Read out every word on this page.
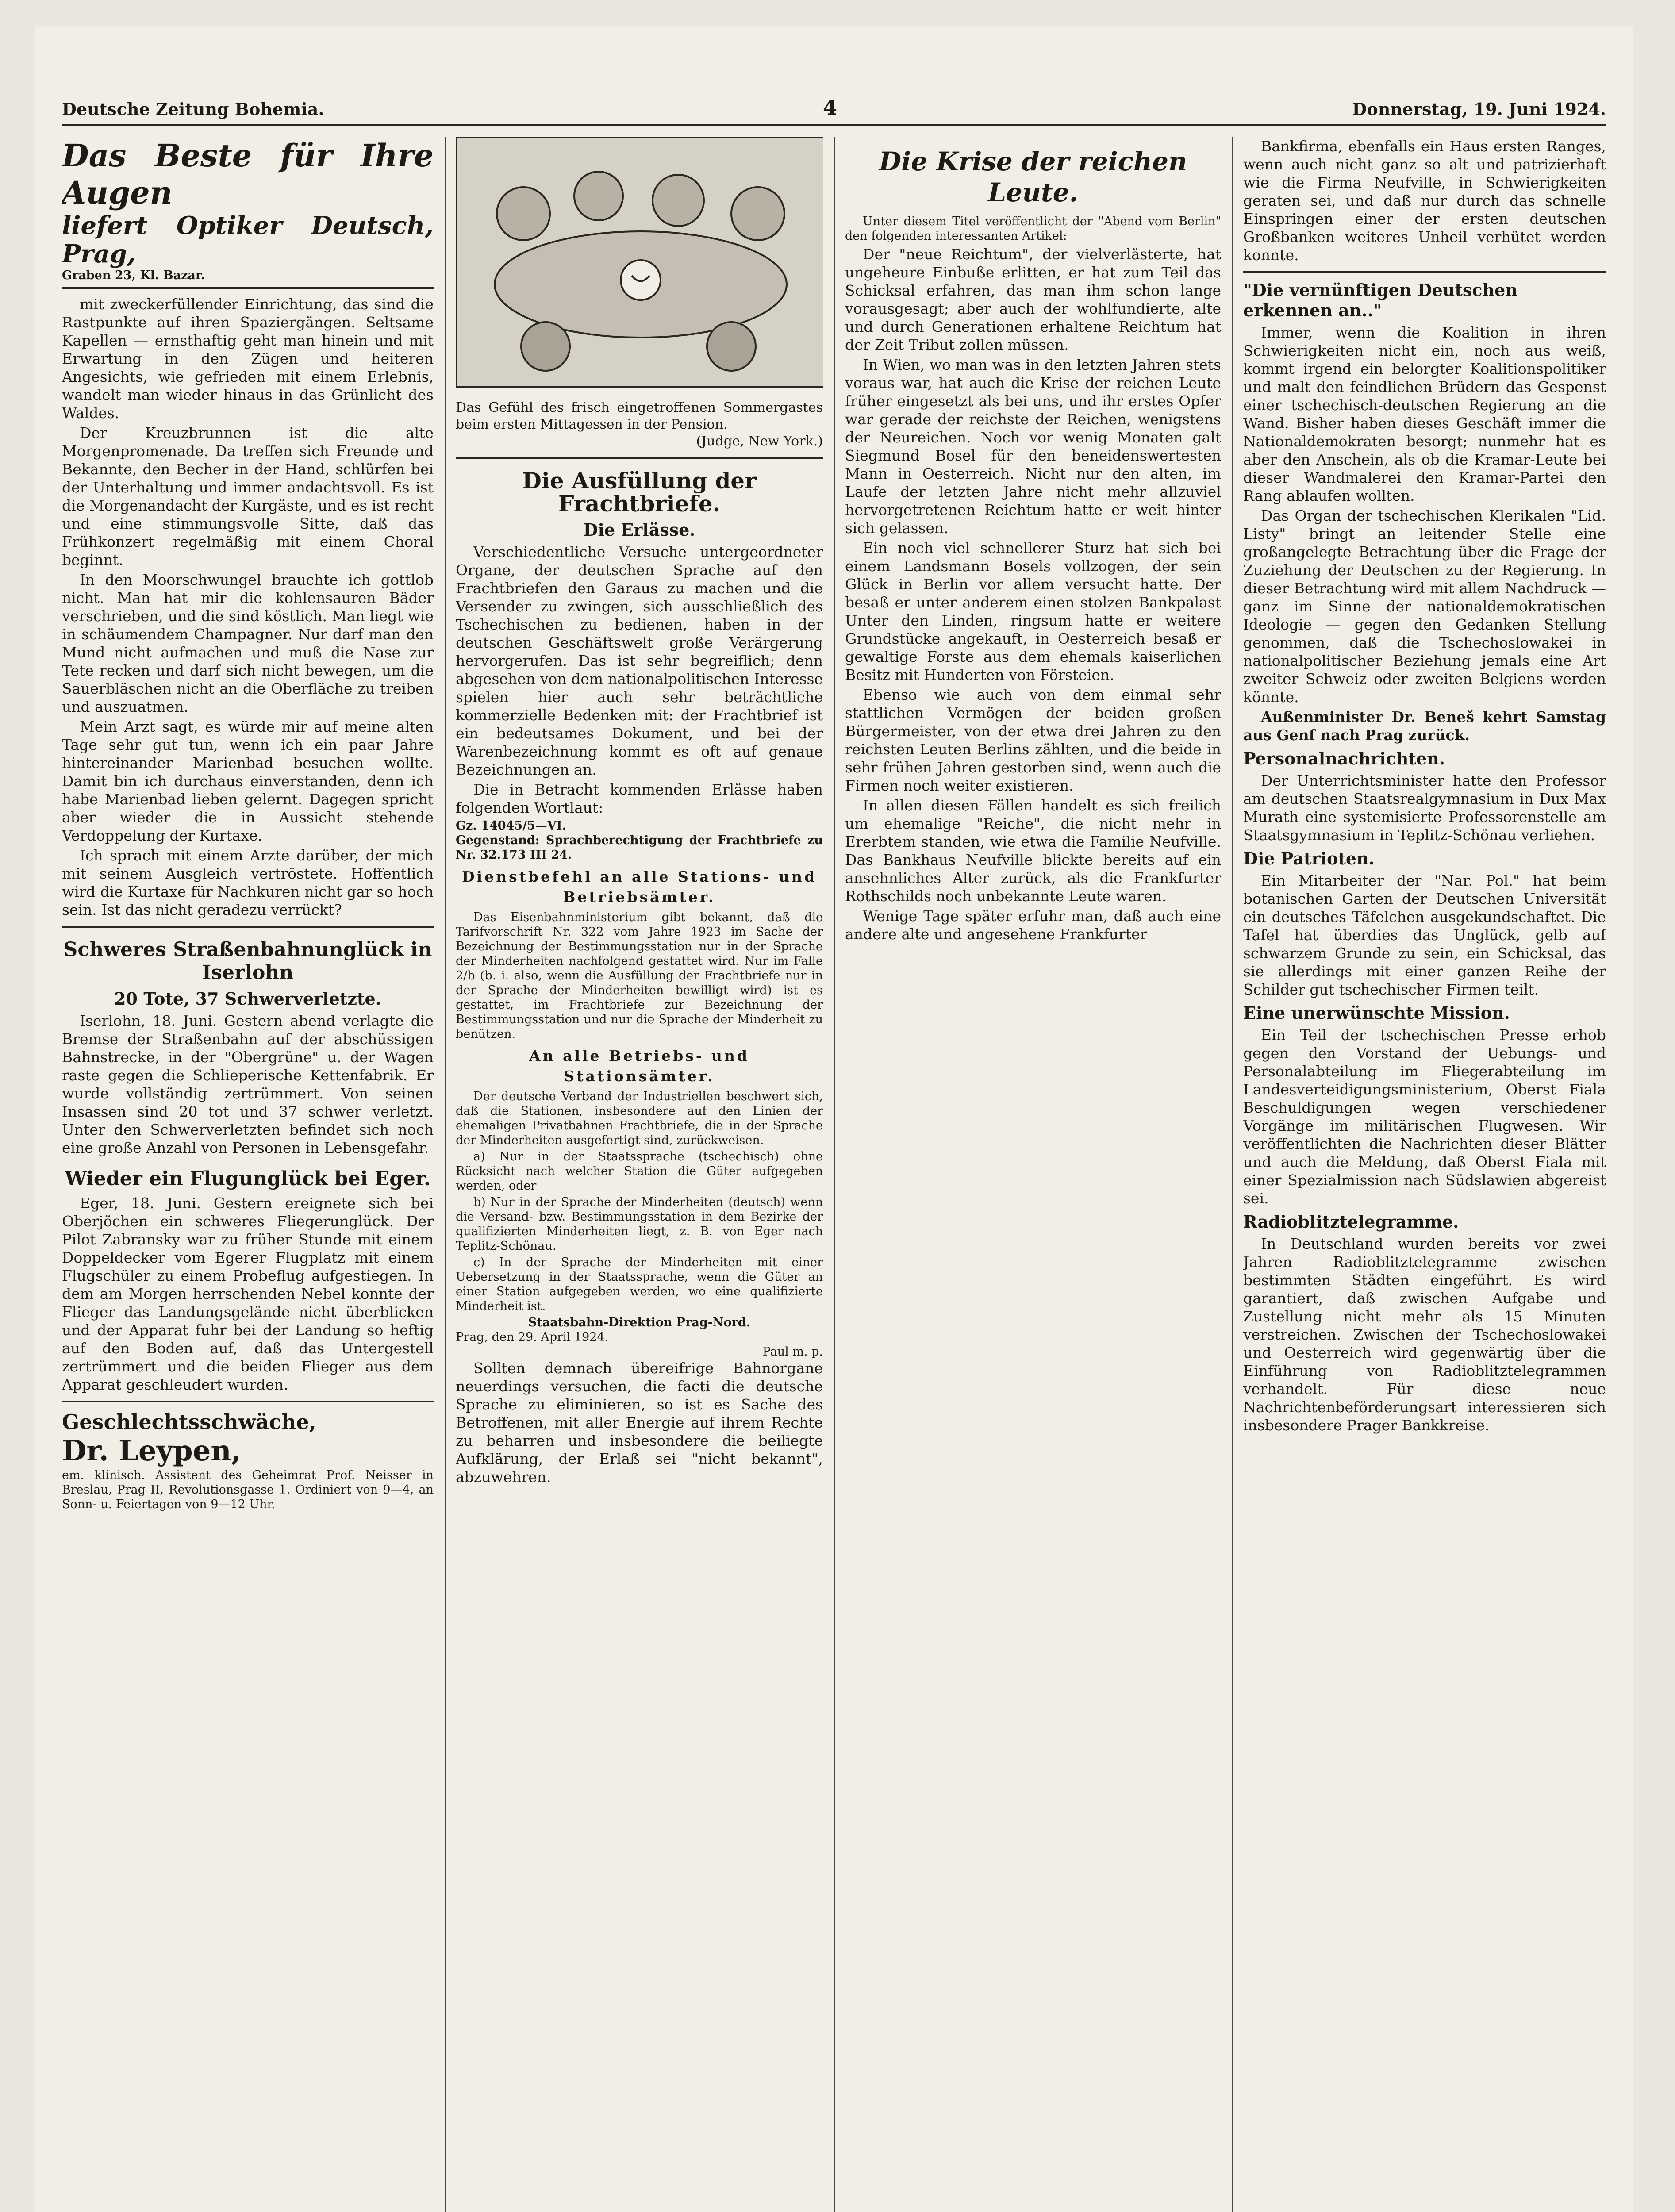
Deutsche Zeitung Bohemia.	4	Donnerstag, 19. Juni 1924.
Das Beste für Ihre Augen
liefert Optiker Deutsch, Prag,
Graben 23, Kl. Bazar.

mit zweckerfüllender Einrichtung, das sind die Rastpunkte auf ihren Spaziergängen. Seltsame Kapellen — ernsthaftig geht man hinein und mit Erwartung in den Zügen und heiteren Angesichts, wie gefrieden mit einem Erlebnis, wandelt man wieder hinaus in das Grünlicht des Waldes.

Der Kreuzbrunnen ist die alte Morgenpromenade. Da treffen sich Freunde und Bekannte, den Becher in der Hand, schlürfen bei der Unterhaltung und immer andachtsvoll. Es ist die Morgenandacht der Kurgäste, und es ist recht und eine stimmungsvolle Sitte, daß das Frühkonzert regelmäßig mit einem Choral beginnt.

In den Moorschwungel brauchte ich gottlob nicht. Man hat mir die kohlensauren Bäder verschrieben, und die sind köstlich. Man liegt wie in schäumendem Champagner. Nur darf man den Mund nicht aufmachen und muß die Nase zur Tete recken und darf sich nicht bewegen, um die Sauerbläschen nicht an die Oberfläche zu treiben und auszuatmen.

Mein Arzt sagt, es würde mir auf meine alten Tage sehr gut tun, wenn ich ein paar Jahre hintereinander Marienbad besuchen wollte. Damit bin ich durchaus einverstanden, denn ich habe Marienbad lieben gelernt. Dagegen spricht aber wieder die in Aussicht stehende Verdoppelung der Kurtaxe.

Ich sprach mit einem Arzte darüber, der mich mit seinem Ausgleich vertröstete. Hoffentlich wird die Kurtaxe für Nachkuren nicht gar so hoch sein. Ist das nicht geradezu verrückt?

Schweres Straßenbahnunglück in Iserlohn
20 Tote, 37 Schwerverletzte.

Iserlohn, 18. Juni. Gestern abend verlagte die Bremse der Straßenbahn auf der abschüssigen Bahnstrecke, in der "Obergrüne" u. der Wagen raste gegen die Schlieperische Kettenfabrik. Er wurde vollständig zertrümmert. Von seinen Insassen sind 20 tot und 37 schwer verletzt. Unter den Schwerverletzten befindet sich noch eine große Anzahl von Personen in Lebensgefahr.

Wieder ein Flugunglück bei Eger.

Eger, 18. Juni. Gestern ereignete sich bei Oberjöchen ein schweres Fliegerunglück. Der Pilot Zabransky war zu früher Stunde mit einem Doppeldecker vom Egerer Flugplatz mit einem Flugschüler zu einem Probeflug aufgestiegen. In dem am Morgen herrschenden Nebel konnte der Flieger das Landungsgelände nicht überblicken und der Apparat fuhr bei der Landung so heftig auf den Boden auf, daß das Untergestell zertrümmert und die beiden Flieger aus dem Apparat geschleudert wurden.

Geschlechtsschwäche,
Dr. Leypen,
em. klinisch. Assistent des Geheimrat Prof. Neisser in Breslau, Prag II, Revolutionsgasse 1. Ordiniert von 9—4, an Sonn- u. Feiertagen von 9—12 Uhr.
Das Gefühl des frisch eingetroffenen Sommergastes beim ersten Mittagessen in der Pension.
(Judge, New York.)
Die Ausfüllung der Frachtbriefe.
Die Erlässe.

Verschiedentliche Versuche untergeordneter Organe, der deutschen Sprache auf den Frachtbriefen den Garaus zu machen und die Versender zu zwingen, sich ausschließlich des Tschechischen zu bedienen, haben in der deutschen Geschäftswelt große Verärgerung hervorgerufen. Das ist sehr begreiflich; denn abgesehen von dem nationalpolitischen Interesse spielen hier auch sehr beträchtliche kommerzielle Bedenken mit: der Frachtbrief ist ein bedeutsames Dokument, und bei der Warenbezeichnung kommt es oft auf genaue Bezeichnungen an.

Die in Betracht kommenden Erlässe haben folgenden Wortlaut:

Gz. 14045/5—VI.
Gegenstand: Sprachberechtigung der Frachtbriefe zu Nr. 32.173 III 24.
Dienstbefehl an alle Stations- und Betriebsämter.

Das Eisenbahnministerium gibt bekannt, daß die Tarifvorschrift Nr. 322 vom Jahre 1923 im Sache der Bezeichnung der Bestimmungsstation nur in der Sprache der Minderheiten nachfolgend gestattet wird. Nur im Falle 2/b (b. i. also, wenn die Ausfüllung der Frachtbriefe nur in der Sprache der Minderheiten bewilligt wird) ist es gestattet, im Frachtbriefe zur Bezeichnung der Bestimmungsstation und nur die Sprache der Minderheit zu benützen.

An alle Betriebs- und Stationsämter.

Der deutsche Verband der Industriellen beschwert sich, daß die Stationen, insbesondere auf den Linien der ehemaligen Privatbahnen Frachtbriefe, die in der Sprache der Minderheiten ausgefertigt sind, zurückweisen.

a) Nur in der Staatssprache (tschechisch) ohne Rücksicht nach welcher Station die Güter aufgegeben werden, oder

b) Nur in der Sprache der Minderheiten (deutsch) wenn die Versand- bzw. Bestimmungsstation in dem Bezirke der qualifizierten Minderheiten liegt, z. B. von Eger nach Teplitz-Schönau.

c) In der Sprache der Minderheiten mit einer Uebersetzung in der Staatssprache, wenn die Güter an einer Station aufgegeben werden, wo eine qualifizierte Minderheit ist.

Staatsbahn-Direktion Prag-Nord.
Prag, den 29. April 1924.
Paul m. p.

Sollten demnach übereifrige Bahnorgane neuerdings versuchen, die facti die deutsche Sprache zu eliminieren, so ist es Sache des Betroffenen, mit aller Energie auf ihrem Rechte zu beharren und insbesondere die beiliegte Aufklärung, der Erlaß sei "nicht bekannt", abzuwehren.

Die Krise der reichen Leute.

Unter diesem Titel veröffentlicht der "Abend vom Berlin" den folgenden interessanten Artikel:

Der "neue Reichtum", der vielverlästerte, hat ungeheure Einbuße erlitten, er hat zum Teil das Schicksal erfahren, das man ihm schon lange vorausgesagt; aber auch der wohlfundierte, alte und durch Generationen erhaltene Reichtum hat der Zeit Tribut zollen müssen.

In Wien, wo man was in den letzten Jahren stets voraus war, hat auch die Krise der reichen Leute früher eingesetzt als bei uns, und ihr erstes Opfer war gerade der reichste der Reichen, wenigstens der Neureichen. Noch vor wenig Monaten galt Siegmund Bosel für den beneidenswertesten Mann in Oesterreich. Nicht nur den alten, im Laufe der letzten Jahre nicht mehr allzuviel hervorgetretenen Reichtum hatte er weit hinter sich gelassen.

Ein noch viel schnellerer Sturz hat sich bei einem Landsmann Bosels vollzogen, der sein Glück in Berlin vor allem versucht hatte. Der besaß er unter anderem einen stolzen Bankpalast Unter den Linden, ringsum hatte er weitere Grundstücke angekauft, in Oesterreich besaß er gewaltige Forste aus dem ehemals kaiserlichen Besitz mit Hunderten von Försteien.

Ebenso wie auch von dem einmal sehr stattlichen Vermögen der beiden großen Bürgermeister, von der etwa drei Jahren zu den reichsten Leuten Berlins zählten, und die beide in sehr frühen Jahren gestorben sind, wenn auch die Firmen noch weiter existieren.

In allen diesen Fällen handelt es sich freilich um ehemalige "Reiche", die nicht mehr in Ererbtem standen, wie etwa die Familie Neufville. Das Bankhaus Neufville blickte bereits auf ein ansehnliches Alter zurück, als die Frankfurter Rothschilds noch unbekannte Leute waren.

Wenige Tage später erfuhr man, daß auch eine andere alte und angesehene Frankfurter

Bankfirma, ebenfalls ein Haus ersten Ranges, wenn auch nicht ganz so alt und patrizierhaft wie die Firma Neufville, in Schwierigkeiten geraten sei, und daß nur durch das schnelle Einspringen einer der ersten deutschen Großbanken weiteres Unheil verhütet werden konnte.

"Die vernünftigen Deutschen erkennen an.."

Immer, wenn die Koalition in ihren Schwierigkeiten nicht ein, noch aus weiß, kommt irgend ein belorgter Koalitionspolitiker und malt den feindlichen Brüdern das Gespenst einer tschechisch-deutschen Regierung an die Wand. Bisher haben dieses Geschäft immer die Nationaldemokraten besorgt; nunmehr hat es aber den Anschein, als ob die Kramar-Leute bei dieser Wandmalerei den Kramar-Partei den Rang ablaufen wollten.

Das Organ der tschechischen Klerikalen "Lid. Listy" bringt an leitender Stelle eine großangelegte Betrachtung über die Frage der Zuziehung der Deutschen zu der Regierung. In dieser Betrachtung wird mit allem Nachdruck — ganz im Sinne der nationaldemokratischen Ideologie — gegen den Gedanken Stellung genommen, daß die Tschechoslowakei in nationalpolitischer Beziehung jemals eine Art zweiter Schweiz oder zweiten Belgiens werden könnte.

Außenminister Dr. Beneš kehrt Samstag aus Genf nach Prag zurück.

Personalnachrichten.

Der Unterrichtsminister hatte den Professor am deutschen Staatsrealgymnasium in Dux Max Murath eine systemisierte Professorenstelle am Staatsgymnasium in Teplitz-Schönau verliehen.

Die Patrioten.

Ein Mitarbeiter der "Nar. Pol." hat beim botanischen Garten der Deutschen Universität ein deutsches Täfelchen ausgekundschaftet. Die Tafel hat überdies das Unglück, gelb auf schwarzem Grunde zu sein, ein Schicksal, das sie allerdings mit einer ganzen Reihe der Schilder gut tschechischer Firmen teilt.

Eine unerwünschte Mission.

Ein Teil der tschechischen Presse erhob gegen den Vorstand der Uebungs- und Personalabteilung im Fliegerabteilung im Landesverteidigungsministerium, Oberst Fiala Beschuldigungen wegen verschiedener Vorgänge im militärischen Flugwesen. Wir veröffentlichten die Nachrichten dieser Blätter und auch die Meldung, daß Oberst Fiala mit einer Spezialmission nach Südslawien abgereist sei.

Radioblitztelegramme.

In Deutschland wurden bereits vor zwei Jahren Radioblitztelegramme zwischen bestimmten Städten eingeführt. Es wird garantiert, daß zwischen Aufgabe und Zustellung nicht mehr als 15 Minuten verstreichen. Zwischen der Tschechoslowakei und Oesterreich wird gegenwärtig über die Einführung von Radioblitztelegrammen verhandelt. Für diese neue Nachrichtenbeförderungsart interessieren sich insbesondere Prager Bankkreise.
